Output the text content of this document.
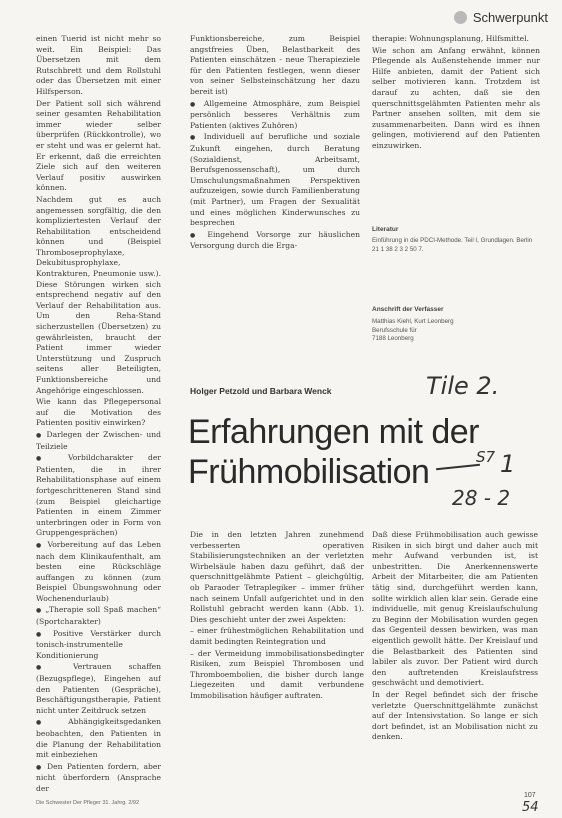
Schwerpunkt

einen Tuerid ist nicht mehr so weit. Ein Beispiel: Das Übersetzen mit dem Rutschbrett und dem Rollstuhl oder das Übersetzen mit einer Hilfsperson.

Der Patient soll sich während seiner gesamten Rehabilitation immer wieder selber überprüfen (Rückkontrolle), wo er steht und was er gelernt hat. Er erkennt, daß die erreichten Ziele sich auf den weiteren Verlauf positiv auswirken können.

Nachdem gut es auch angemessen sorgfältig, die den kompliziertesten Verlauf der Rehabilitation entscheidend können und (Beispiel Thromboseprophylaxe, Dekubitusprophylaxe, Kontrakturen, Pneumonie usw.). Diese Störungen wirken sich entsprechend negativ auf den Verlauf der Rehabilitation aus. Um den Reha-Stand sicherzustellen (Übersetzen) zu gewährleisten, braucht der Patient immer wieder Unterstützung und Zuspruch seitens aller Beteiligten, Funktionsbereiche und Angehörige eingeschlossen.

Wie kann das Pflegepersonal auf die Motivation des Patienten positiv einwirken?

● Darlegen der Zwischen- und Teilziele

● Vorbildcharakter der Patienten, die in ihrer Rehabilitationsphase auf einem fortgeschritteneren Stand sind (zum Beispiel gleichartige Patienten in einem Zimmer unterbringen oder in Form von Gruppengesprächen)

● Vorbereitung auf das Leben nach dem Klinikaufenthalt, am besten eine Rückschläge auffangen zu können (zum Beispiel Übungswohnung oder Wochenendurlaub)

● „Therapie soll Spaß machen“ (Sportcharakter)

● Positive Verstärker durch tonisch-instrumentelle Konditionierung

● Vertrauen schaffen (Bezugspflege), Eingehen auf den Patienten (Gespräche), Beschäftigungstherapie, Patient nicht unter Zeitdruck setzen

● Abhängigkeitsgedanken beobachten, den Patienten in die Planung der Rehabilitation mit einbeziehen

● Den Patienten fordern, aber nicht überfordern (Ansprache der

Funktionsbereiche, zum Beispiel angstfreies Üben, Belastbarkeit des Patienten einschätzen - neue Therapieziele für den Patienten festlegen, wenn dieser von seiner Selbsteinschätzung her dazu bereit ist)

● Allgemeine Atmosphäre, zum Beispiel persönlich besseres Verhältnis zum Patienten (aktives Zuhören)

● Individuell auf berufliche und soziale Zukunft eingehen, durch Beratung (Sozialdienst, Arbeitsamt, Berufsgenossenschaft), um durch Umschulungsmaßnahmen Perspektiven aufzuzeigen, sowie durch Familienberatung (mit Partner), um Fragen der Sexualität und eines möglichen Kinderwunsches zu besprechen

● Eingehend Vorsorge zur häuslichen Versorgung durch die Erga-

therapie: Wohnungsplanung, Hilfsmittel.

Wie schon am Anfang erwähnt, können Pflegende als Außenstehende immer nur Hilfe anbieten, damit der Patient sich selber motivieren kann. Trotzdem ist darauf zu achten, daß sie den querschnittsgelähmten Patienten mehr als Partner ansehen sollten, mit dem sie zusammenarbeiten. Dann wird es ihnen gelingen, motivierend auf den Patienten einzuwirken.

Literatur
Einführung in die PDCI-Methode. Teil I, Grundlagen. Berlin 21 1 38 2 3 2 50 7.
Anschrift der Verfasser
Matthias Kiehl, Kurt Leonberg
Berufsschule für
7188 Leonberg
Holger Petzold und Barbara Wenck
Erfahrungen mit der
Frühmobilisation
Tile 2.
1
28 - 2
S7

Die in den letzten Jahren zunehmend verbesserten operativen Stabilisierungstechniken an der verletzten Wirbelsäule haben dazu geführt, daß der querschnittgelähmte Patient – gleichgültig, ob Paraoder Tetraplegiker – immer früher nach seinem Unfall aufgerichtet und in den Rollstuhl gebracht werden kann (Abb. 1). Dies geschieht unter der zwei Aspekten:

– einer frühestmöglichen Rehabilitation und damit bedingten Reintegration und

– der Vermeidung immobilisationsbedingter Risiken, zum Beispiel Thrombosen und Thromboembolien, die bisher durch lange Liegezeiten und damit verbundene Immobilisation häufiger auftraten.

Daß diese Frühmobilisation auch gewisse Risiken in sich birgt und daher auch mit mehr Aufwand verbunden ist, ist unbestritten. Die Anerkennenswerte Arbeit der Mitarbeiter, die am Patienten tätig sind, durchgeführt werden kann, sollte wirklich allen klar sein. Gerade eine individuelle, mit genug Kreislaufschulung zu Beginn der Mobilisation wurden gegen das Gegenteil dessen bewirken, was man eigentlich gewollt hätte. Der Kreislauf und die Belastbarkeit des Patienten sind labiler als zuvor. Der Patient wird durch den auftretenden Kreislaufstress geschwächt und demotiviert.

In der Regel befindet sich der frische verletzte Querschnittgelähmte zunächst auf der Intensivstation. So lange er sich dort befindet, ist an Mobilisation nicht zu denken.

Die Schwester Der Pfleger 31. Jahrg. 2/92
107
54
